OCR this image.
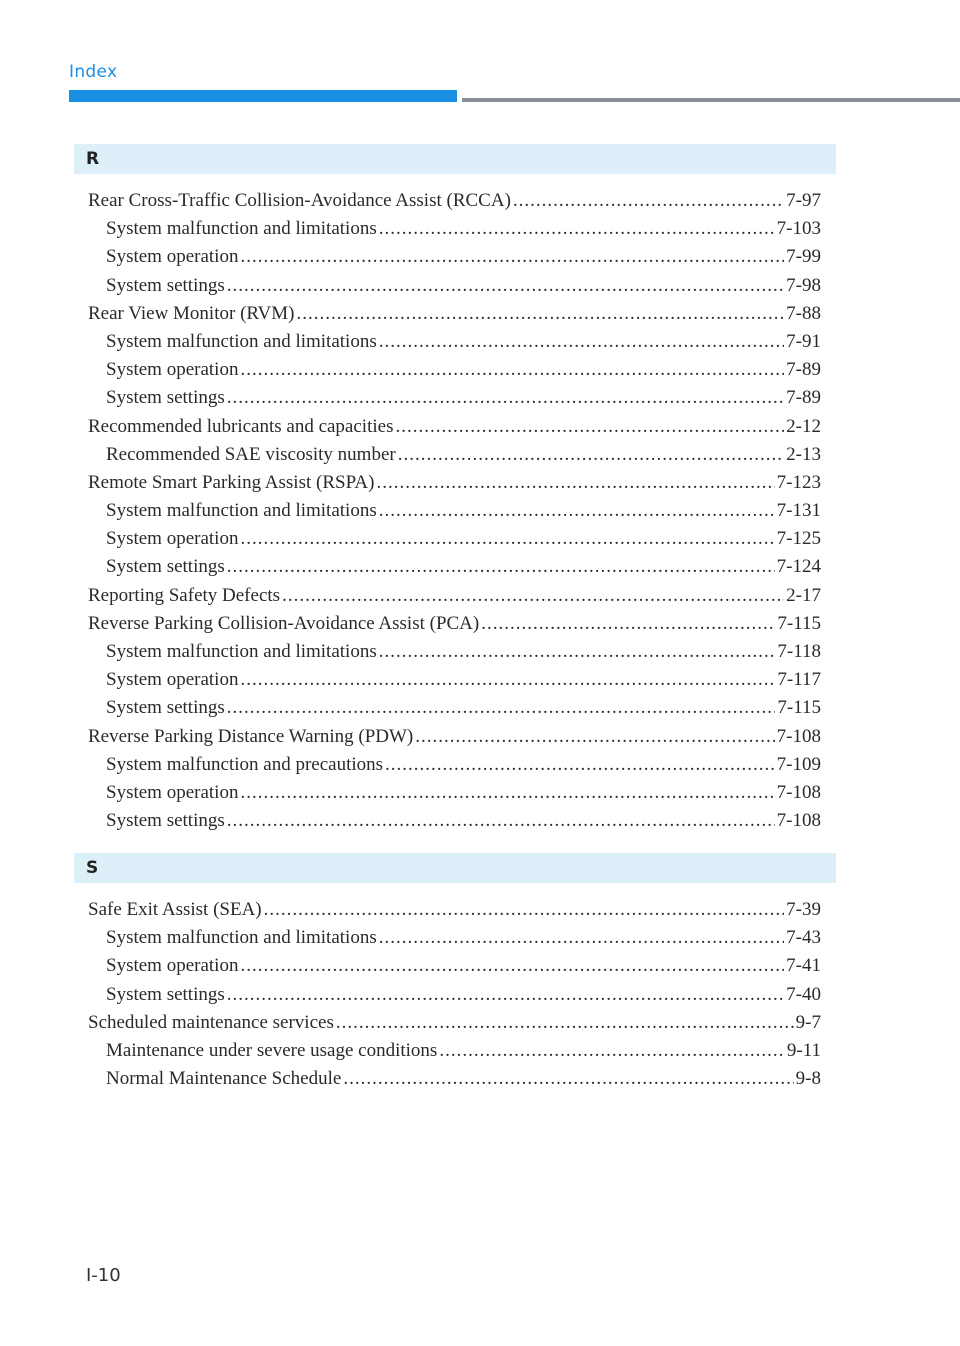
Index
R
Rear Cross-Traffic Collision-Avoidance Assist (RCCA) .....	7-97
System malfunction and limitations .....	7-103
System operation .....	7-99
System settings .....	7-98
Rear View Monitor (RVM) .....	7-88
System malfunction and limitations .....	7-91
System operation .....	7-89
System settings .....	7-89
Recommended lubricants and capacities .....	2-12
Recommended SAE viscosity number .....	2-13
Remote Smart Parking Assist (RSPA) .....	7-123
System malfunction and limitations .....	7-131
System operation .....	7-125
System settings .....	7-124
Reporting Safety Defects .....	2-17
Reverse Parking Collision-Avoidance Assist (PCA) .....	7-115
System malfunction and limitations .....	7-118
System operation .....	7-117
System settings .....	7-115
Reverse Parking Distance Warning (PDW) .....	7-108
System malfunction and precautions .....	7-109
System operation .....	7-108
System settings .....	7-108
S
Safe Exit Assist (SEA) .....	7-39
System malfunction and limitations .....	7-43
System operation .....	7-41
System settings .....	7-40
Scheduled maintenance services .....	9-7
Maintenance under severe usage conditions .....	9-11
Normal Maintenance Schedule .....	9-8
I-10
